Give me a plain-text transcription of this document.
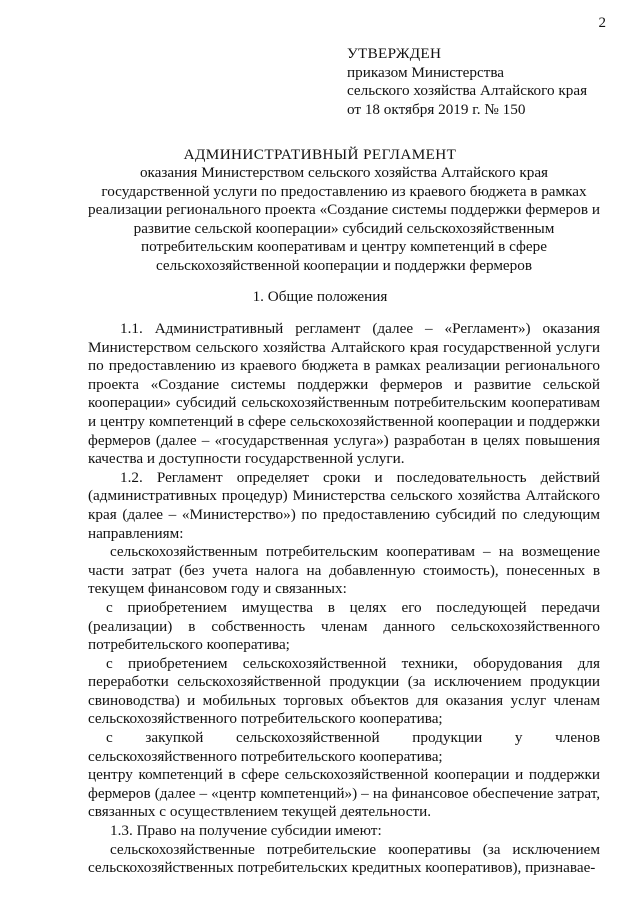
2
УТВЕРЖДЕН
приказом Министерства
сельского хозяйства Алтайского края
от 18 октября 2019 г. № 150
АДМИНИСТРАТИВНЫЙ РЕГЛАМЕНТ
оказания Министерством сельского хозяйства Алтайского края государственной услуги по предоставлению из краевого бюджета в рамках реализации регионального проекта «Создание системы поддержки фермеров и развитие сельской кооперации» субсидий сельскохозяйственным потребительским кооперативам и центру компетенций в сфере сельскохозяйственной кооперации и поддержки фермеров
1. Общие положения

1.1. Административный регламент (далее – «Регламент») оказания Министерством сельского хозяйства Алтайского края государственной услуги по предоставлению из краевого бюджета в рамках реализации регионального проекта «Создание системы поддержки фермеров и развитие сельской кооперации» субсидий сельскохозяйственным потребительским кооперативам и центру компетенций в сфере сельскохозяйственной кооперации и поддержки фермеров (далее – «государственная услуга») разработан в целях повышения качества и доступности государственной услуги.

1.2. Регламент определяет сроки и последовательность действий (административных процедур) Министерства сельского хозяйства Алтайского края (далее – «Министерство») по предоставлению субсидий по следующим направлениям:

сельскохозяйственным потребительским кооперативам – на возмещение части затрат (без учета налога на добавленную стоимость), понесенных в текущем финансовом году и связанных:

с приобретением имущества в целях его последующей передачи (реализации) в собственность членам данного сельскохозяйственного потребительского кооператива;

с приобретением сельскохозяйственной техники, оборудования для переработки сельскохозяйственной продукции (за исключением продукции свиноводства) и мобильных торговых объектов для оказания услуг членам сельскохозяйственного потребительского кооператива;

с закупкой сельскохозяйственной продукции у членов сельскохозяйственного потребительского кооператива;

центру компетенций в сфере сельскохозяйственной кооперации и поддержки фермеров (далее – «центр компетенций») – на финансовое обеспечение затрат, связанных с осуществлением текущей деятельности.

1.3. Право на получение субсидии имеют:

сельскохозяйственные потребительские кооперативы (за исключением сельскохозяйственных потребительских кредитных кооперативов), признаваe-
